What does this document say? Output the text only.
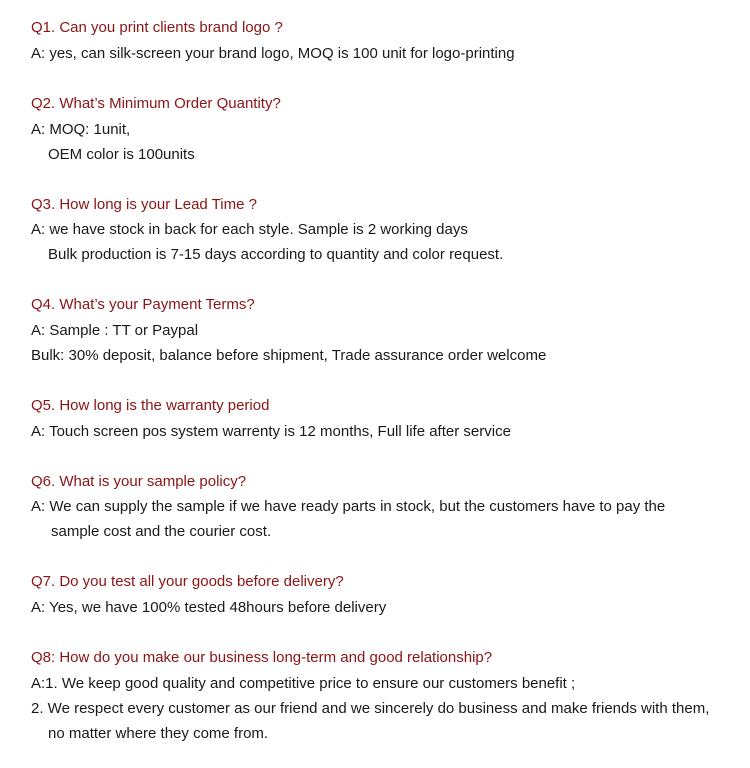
Q1. Can you print clients brand logo ?
A: yes, can silk-screen your brand logo, MOQ is 100 unit for logo-printing
Q2. What’s Minimum Order Quantity?
A: MOQ: 1unit,
OEM color is 100units
Q3. How long is your Lead Time ?
A: we have stock in back for each style. Sample is 2 working days
Bulk production is 7-15 days according to quantity and color request.
Q4. What’s your Payment Terms?
A: Sample : TT or Paypal
Bulk: 30% deposit, balance before shipment, Trade assurance order welcome
Q5. How long is the warranty period
A: Touch screen pos system warrenty is 12 months, Full life after service
Q6. What is your sample policy?
A: We can supply the sample if we have ready parts in stock, but the customers have to pay the
sample cost and the courier cost.
Q7. Do you test all your goods before delivery?
A: Yes, we have 100% tested 48hours before delivery
Q8: How do you make our business long-term and good relationship?
A:1. We keep good quality and competitive price to ensure our customers benefit ;
2. We respect every customer as our friend and we sincerely do business and make friends with them,
no matter where they come from.
